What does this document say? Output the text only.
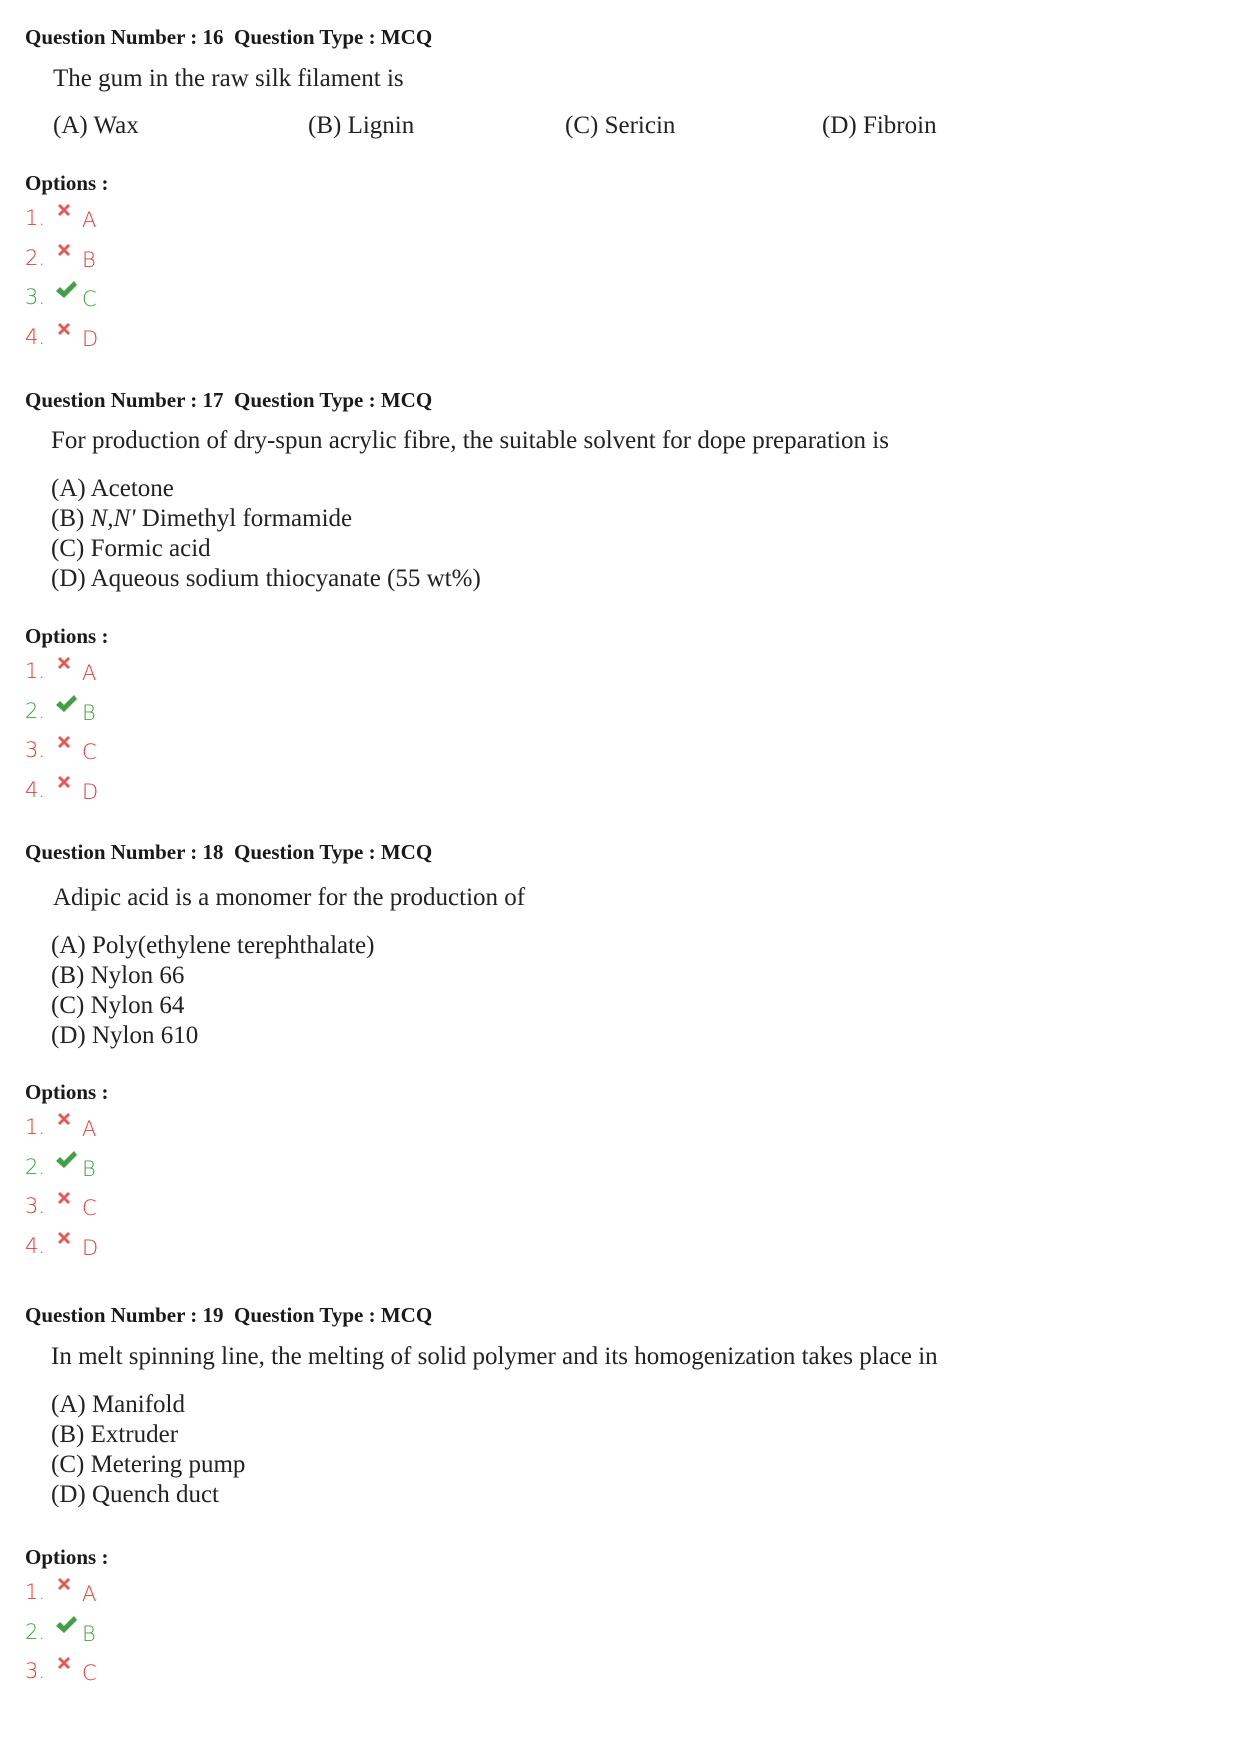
Question Number : 16  Question Type : MCQ
The gum in the raw silk filament is
(A) Wax	(B) Lignin	(C) Sericin	(D) Fibroin
Options :
1. A
2. B
3. C
4. D
Question Number : 17  Question Type : MCQ
For production of dry-spun acrylic fibre, the suitable solvent for dope preparation is
(A) Acetone
(B) N,N' Dimethyl formamide
(C) Formic acid
(D) Aqueous sodium thiocyanate (55 wt%)
Options :
1. A
2. B
3. C
4. D
Question Number : 18  Question Type : MCQ
Adipic acid is a monomer for the production of
(A) Poly(ethylene terephthalate)
(B) Nylon 66
(C) Nylon 64
(D) Nylon 610
Options :
1. A
2. B
3. C
4. D
Question Number : 19  Question Type : MCQ
In melt spinning line, the melting of solid polymer and its homogenization takes place in
(A) Manifold
(B) Extruder
(C) Metering pump
(D) Quench duct
Options :
1. A
2. B
3. C
